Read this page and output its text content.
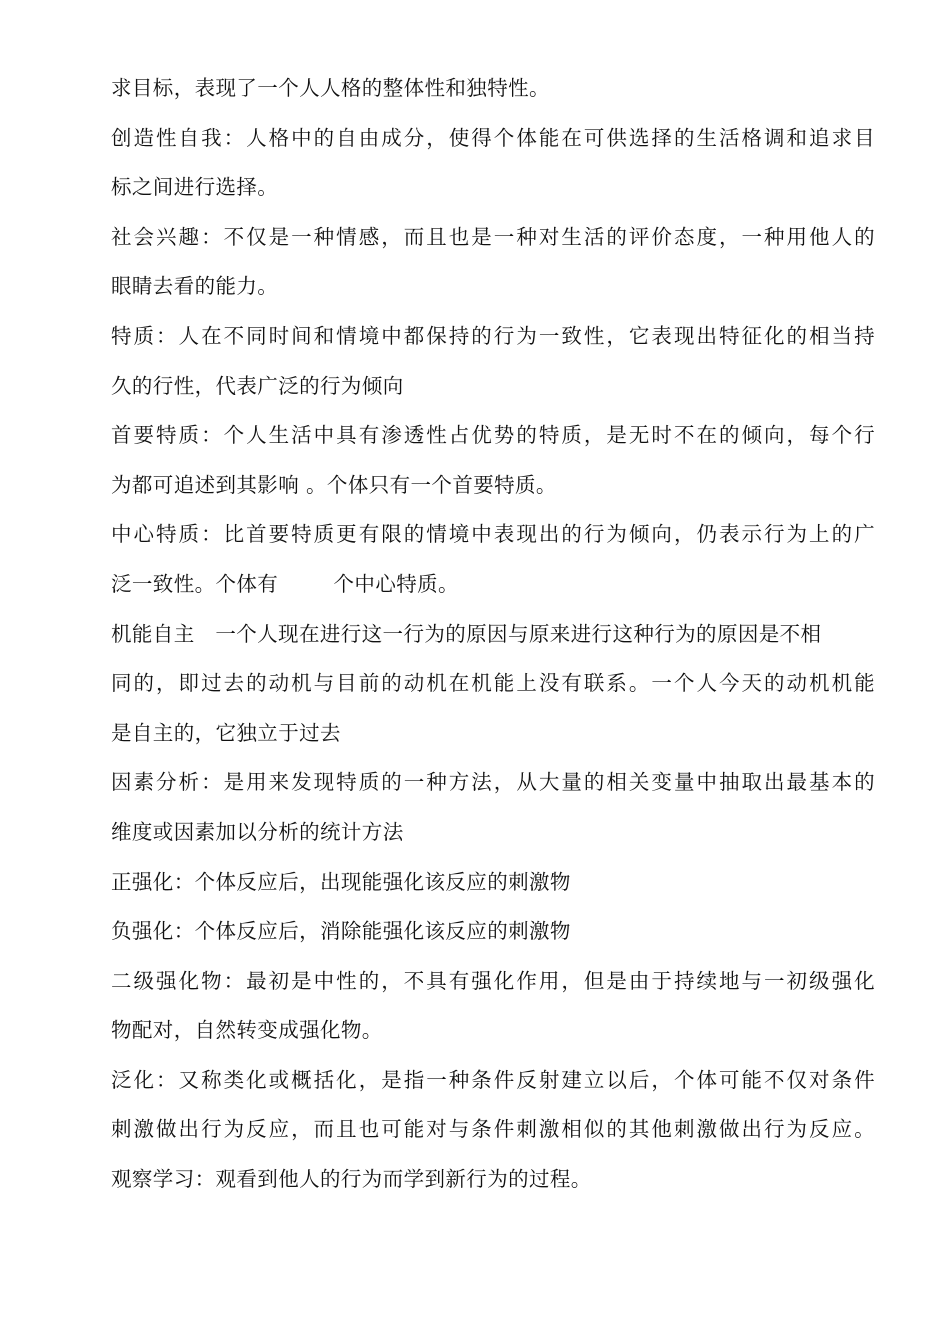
求目标，表现了一个人人格的整体性和独特性。
创造性自我：人格中的自由成分，使得个体能在可供选择的生活格调和追求目
标之间进行选择。
社会兴趣：不仅是一种情感，而且也是一种对生活的评价态度，一种用他人的
眼睛去看的能力。
特质：人在不同时间和情境中都保持的行为一致性，它表现出特征化的相当持
久的行性，代表广泛的行为倾向
首要特质：个人生活中具有渗透性占优势的特质，是无时不在的倾向，每个行
为都可追述到其影响 。个体只有一个首要特质。
中心特质：比首要特质更有限的情境中表现出的行为倾向，仍表示行为上的广
泛一致性。个体有        个中心特质。
机能自主   一个人现在进行这一行为的原因与原来进行这种行为的原因是不相
同的，即过去的动机与目前的动机在机能上没有联系。一个人今天的动机机能
是自主的，它独立于过去
因素分析：是用来发现特质的一种方法，从大量的相关变量中抽取出最基本的
维度或因素加以分析的统计方法
正强化：个体反应后，出现能强化该反应的刺激物
负强化：个体反应后，消除能强化该反应的刺激物
二级强化物：最初是中性的，不具有强化作用，但是由于持续地与一初级强化
物配对，自然转变成强化物。
泛化：又称类化或概括化，是指一种条件反射建立以后，个体可能不仅对条件
刺激做出行为反应，而且也可能对与条件刺激相似的其他刺激做出行为反应。
观察学习：观看到他人的行为而学到新行为的过程。
